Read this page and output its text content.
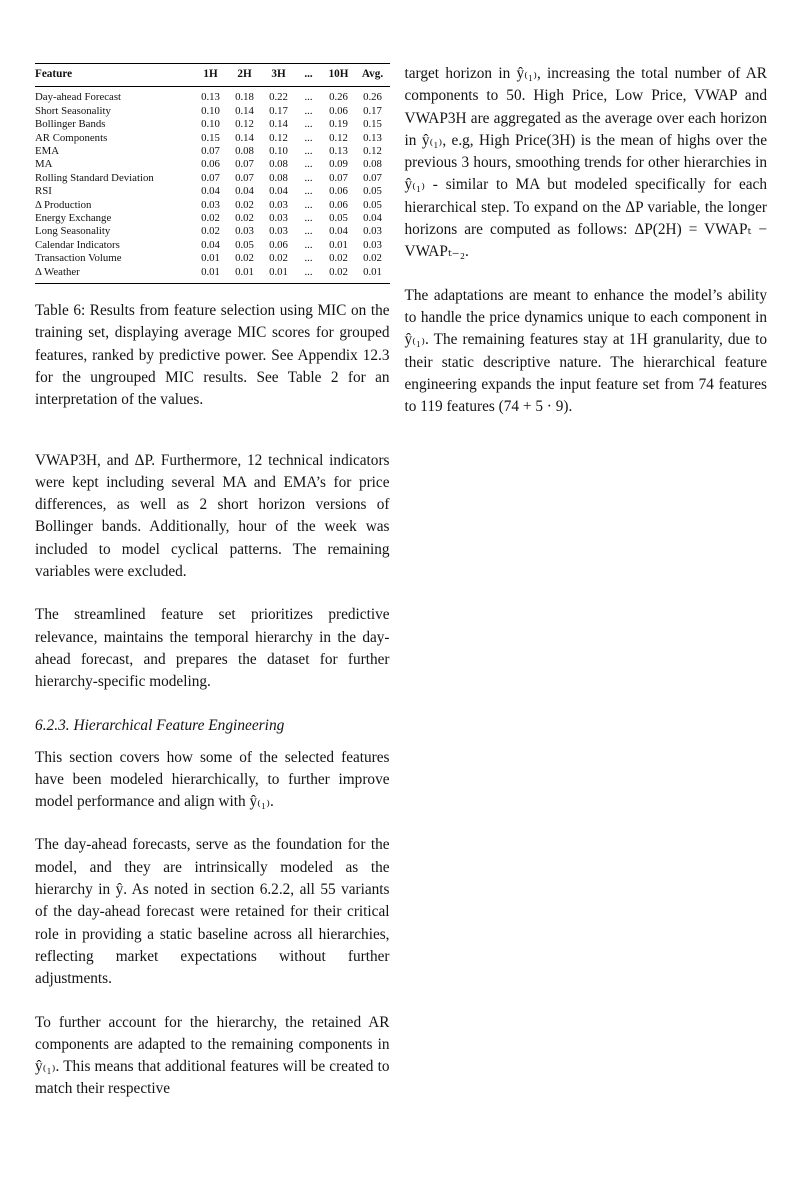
Feature	1H	2H	3H	...	10H	Avg.
Day-ahead Forecast	0.13	0.18	0.22	...	0.26	0.26
Short Seasonality	0.10	0.14	0.17	...	0.06	0.17
Bollinger Bands	0.10	0.12	0.14	...	0.19	0.15
AR Components	0.15	0.14	0.12	...	0.12	0.13
EMA	0.07	0.08	0.10	...	0.13	0.12
MA	0.06	0.07	0.08	...	0.09	0.08
Rolling Standard Deviation	0.07	0.07	0.08	...	0.07	0.07
RSI	0.04	0.04	0.04	...	0.06	0.05
Δ Production	0.03	0.02	0.03	...	0.06	0.05
Energy Exchange	0.02	0.02	0.03	...	0.05	0.04
Long Seasonality	0.02	0.03	0.03	...	0.04	0.03
Calendar Indicators	0.04	0.05	0.06	...	0.01	0.03
Transaction Volume	0.01	0.02	0.02	...	0.02	0.02
Δ Weather	0.01	0.01	0.01	...	0.02	0.01
Table 6: Results from feature selection using MIC on the training set, displaying average MIC scores for grouped features, ranked by predictive power. See Appendix 12.3 for the ungrouped MIC results. See Table 2 for an interpretation of the values.

VWAP3H, and ΔP. Furthermore, 12 technical indicators were kept including several MA and EMA’s for price differences, as well as 2 short horizon versions of Bollinger bands. Additionally, hour of the week was included to model cyclical patterns. The remaining variables were excluded.

The streamlined feature set prioritizes predictive relevance, maintains the temporal hierarchy in the day-ahead forecast, and prepares the dataset for further hierarchy-specific modeling.

6.2.3. Hierarchical Feature Engineering

This section covers how some of the selected features have been modeled hierarchically, to further improve model performance and align with ŷ₍₁₎.

The day-ahead forecasts, serve as the foundation for the model, and they are intrinsically modeled as the hierarchy in ŷ. As noted in section 6.2.2, all 55 variants of the day-ahead forecast were retained for their critical role in providing a static baseline across all hierarchies, reflecting market expectations without further adjustments.

To further account for the hierarchy, the retained AR components are adapted to the remaining components in ŷ₍₁₎. This means that additional features will be created to match their respective

target horizon in ŷ₍₁₎, increasing the total number of AR components to 50. High Price, Low Price, VWAP and VWAP3H are aggregated as the average over each horizon in ŷ₍₁₎, e.g, High Price(3H) is the mean of highs over the previous 3 hours, smoothing trends for other hierarchies in ŷ₍₁₎ - similar to MA but modeled specifically for each hierarchical step. To expand on the ΔP variable, the longer horizons are computed as follows: ΔP(2H) = VWAPₜ − VWAPₜ₋₂.

The adaptations are meant to enhance the model’s ability to handle the price dynamics unique to each component in ŷ₍₁₎. The remaining features stay at 1H granularity, due to their static descriptive nature. The hierarchical feature engineering expands the input feature set from 74 features to 119 features (74 + 5 · 9).
